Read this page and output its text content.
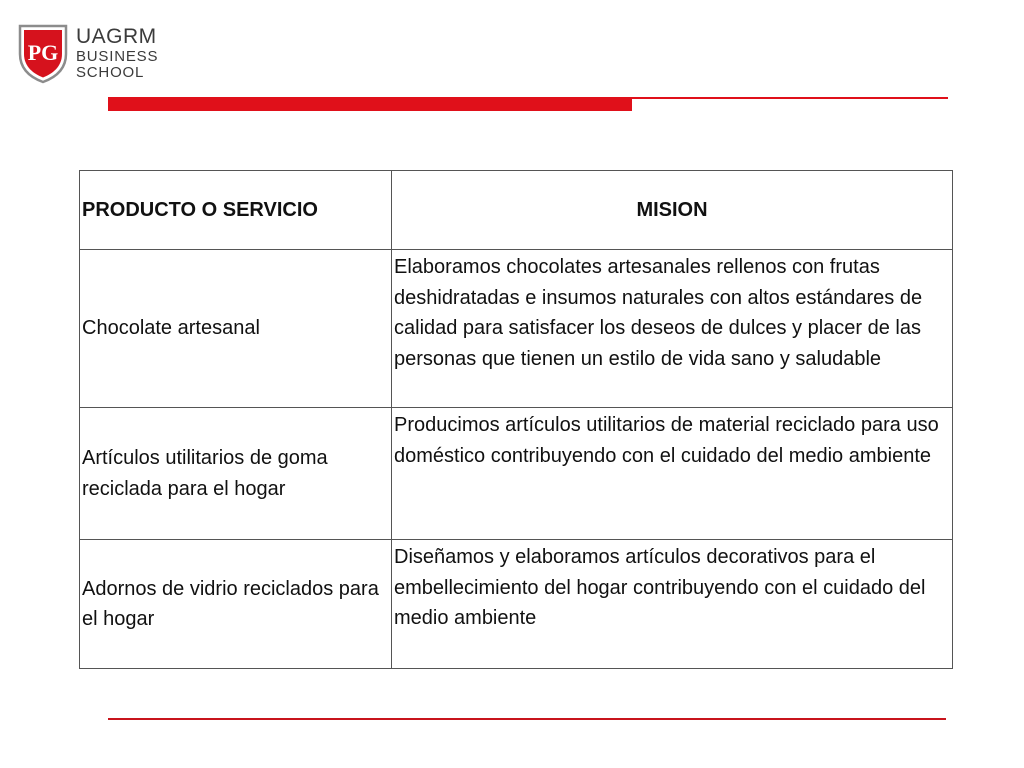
PG
UAGRM
BUSINESS
SCHOOL
PRODUCTO O SERVICIO	MISION
Chocolate artesanal	Elaboramos chocolates artesanales rellenos con frutas deshidratadas e insumos naturales con altos estándares de calidad para satisfacer los deseos de dulces y placer de las personas que tienen un estilo de vida sano y saludable
Artículos utilitarios de goma reciclada para el hogar	Producimos artículos utilitarios de material reciclado para uso doméstico contribuyendo con el cuidado del medio ambiente
Adornos de vidrio reciclados para el hogar	Diseñamos y elaboramos artículos decorativos para el embellecimiento del hogar contribuyendo con el cuidado del medio ambiente
